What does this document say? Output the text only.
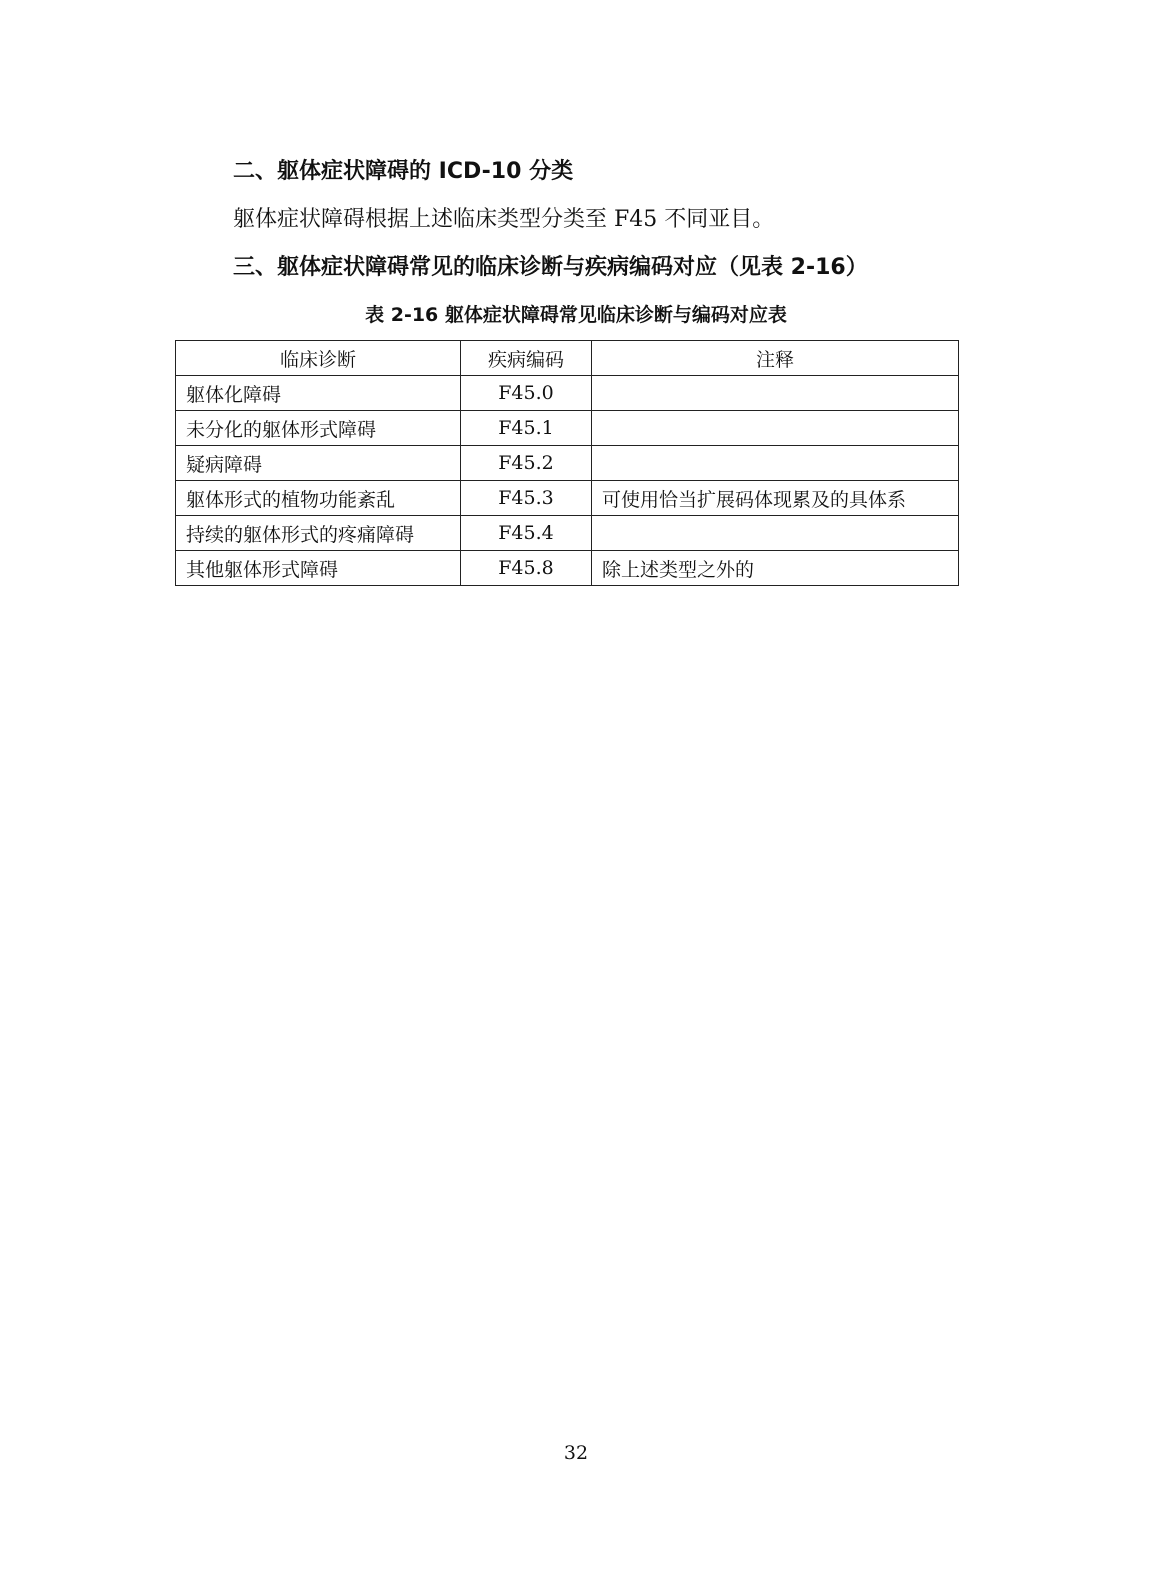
二、躯体症状障碍的 ICD-10 分类
躯体症状障碍根据上述临床类型分类至 F45 不同亚目。
三、躯体症状障碍常见的临床诊断与疾病编码对应（见表 2-16）
表 2-16 躯体症状障碍常见临床诊断与编码对应表
临床诊断	疾病编码	注释
躯体化障碍	F45.0	
未分化的躯体形式障碍	F45.1	
疑病障碍	F45.2	
躯体形式的植物功能紊乱	F45.3	可使用恰当扩展码体现累及的具体系
持续的躯体形式的疼痛障碍	F45.4	
其他躯体形式障碍	F45.8	除上述类型之外的
32
